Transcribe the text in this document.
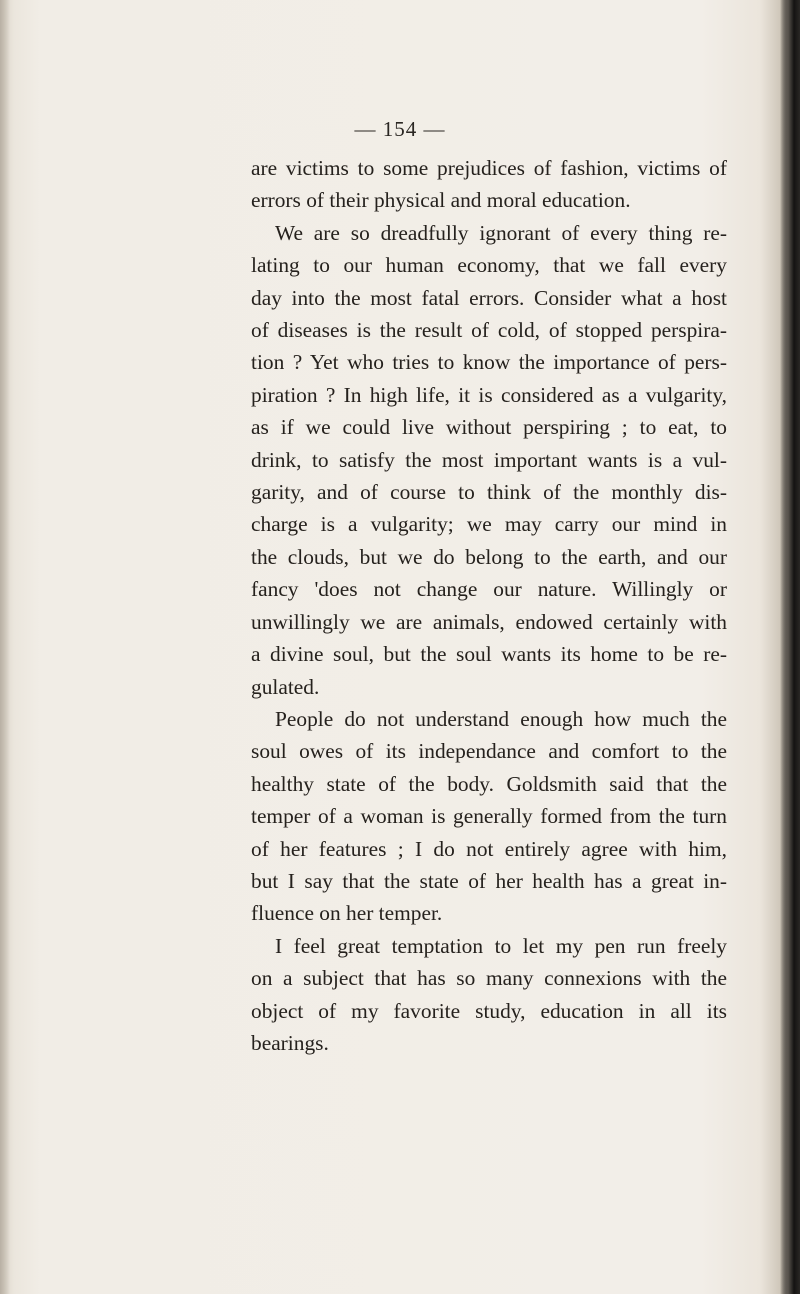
— 154 —
are victims to some prejudices of fashion, victims of
errors of their physical and moral education.
We are so dreadfully ignorant of every thing re-
lating to our human economy, that we fall every
day into the most fatal errors. Consider what a host
of diseases is the result of cold, of stopped perspira-
tion ? Yet who tries to know the importance of pers-
piration ? In high life, it is considered as a vulgarity,
as if we could live without perspiring ; to eat, to
drink, to satisfy the most important wants is a vul-
garity, and of course to think of the monthly dis-
charge is a vulgarity; we may carry our mind in
the clouds, but we do belong to the earth, and our
fancy 'does not change our nature. Willingly or
unwillingly we are animals, endowed certainly with
a divine soul, but the soul wants its home to be re-
gulated.
People do not understand enough how much the
soul owes of its independance and comfort to the
healthy state of the body. Goldsmith said that the
temper of a woman is generally formed from the turn
of her features ; I do not entirely agree with him,
but I say that the state of her health has a great in-
fluence on her temper.
I feel great temptation to let my pen run freely
on a subject that has so many connexions with the
object of my favorite study, education in all its
bearings.
